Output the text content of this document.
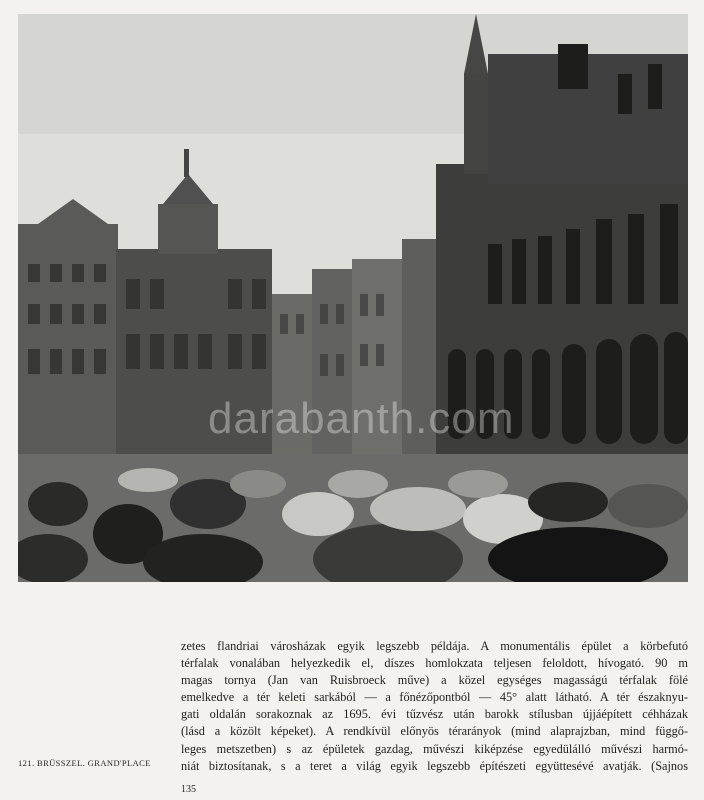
darabanth.com
zetes flandriai városházak egyik legszebb példája. A monumentális épület a körbefutó
térfalak vonalában helyezkedik el, díszes homlokzata teljesen feloldott, hívogató. 90 m
magas tornya (Jan van Ruisbroeck műve) a közel egységes magasságú térfalak fölé
emelkedve a tér keleti sarkából — a főnézőpontból — 45° alatt látható. A tér északnyu-
gati oldalán sorakoznak az 1695. évi tűzvész után barokk stílusban újjáépített céhházak
(lásd a közölt képeket). A rendkívül előnyös térarányok (mind alaprajzban, mind függő-
leges metszetben) s az épületek gazdag, művészi kiképzése egyedülálló művészi harmó-
niát biztosítanak, s a teret a világ egyik legszebb építészeti együttesévé avatják. (Sajnos
121. BRÜSSZEL. GRAND'PLACE
135
